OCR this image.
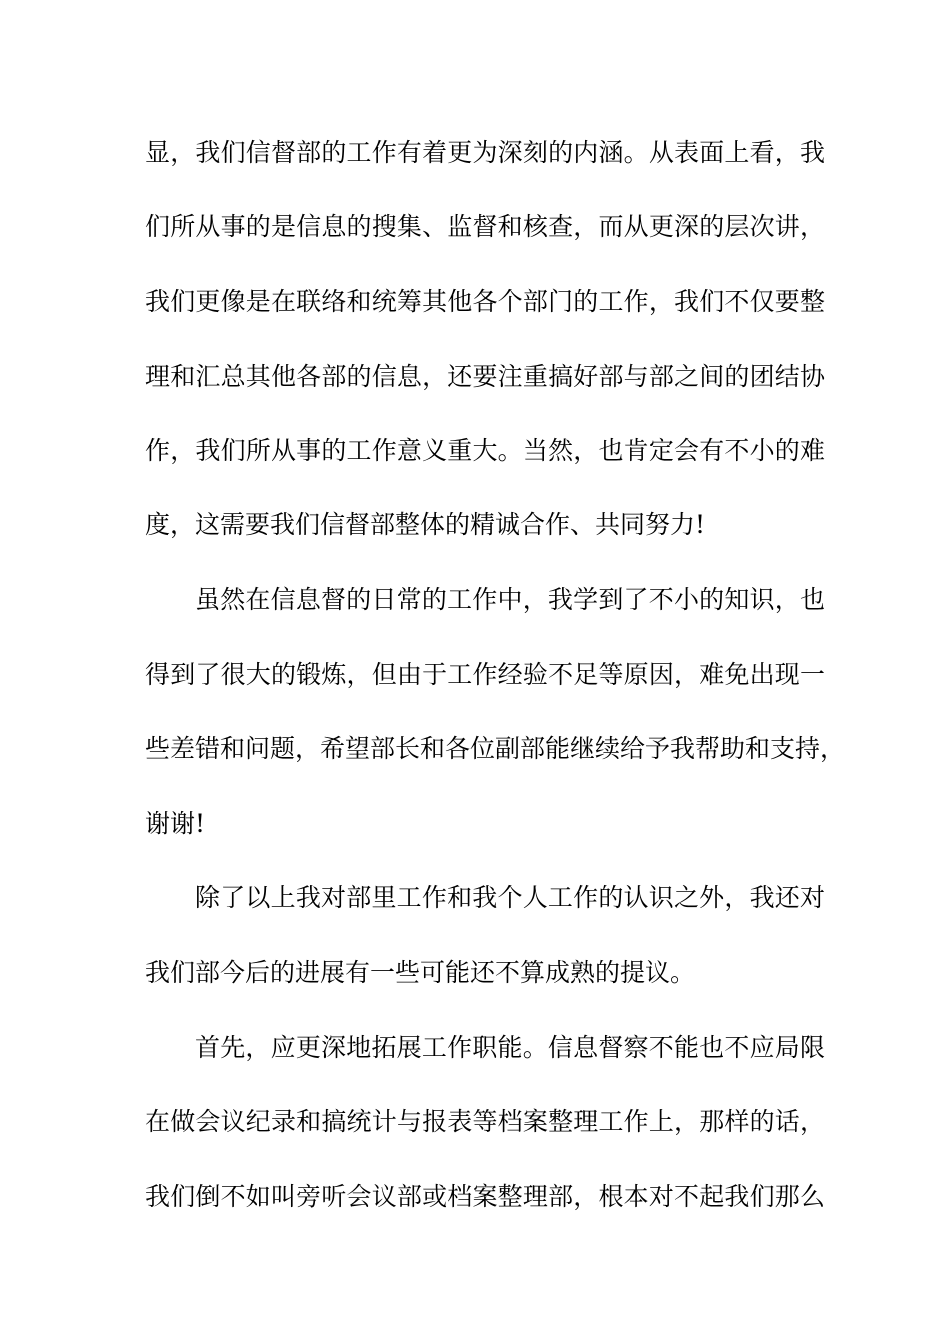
显，我们信督部的工作有着更为深刻的内涵。从表面上看，我
们所从事的是信息的搜集、监督和核查，而从更深的层次讲，
我们更像是在联络和统筹其他各个部门的工作，我们不仅要整
理和汇总其他各部的信息，还要注重搞好部与部之间的团结协
作，我们所从事的工作意义重大。当然，也肯定会有不小的难
度，这需要我们信督部整体的精诚合作、共同努力!
虽然在信息督的日常的工作中，我学到了不小的知识，也
得到了很大的锻炼，但由于工作经验不足等原因，难免出现一
些差错和问题，希望部长和各位副部能继续给予我帮助和支持，
谢谢!
除了以上我对部里工作和我个人工作的认识之外，我还对
我们部今后的进展有一些可能还不算成熟的提议。
首先，应更深地拓展工作职能。信息督察不能也不应局限
在做会议纪录和搞统计与报表等档案整理工作上，那样的话，
我们倒不如叫旁听会议部或档案整理部，根本对不起我们那么
